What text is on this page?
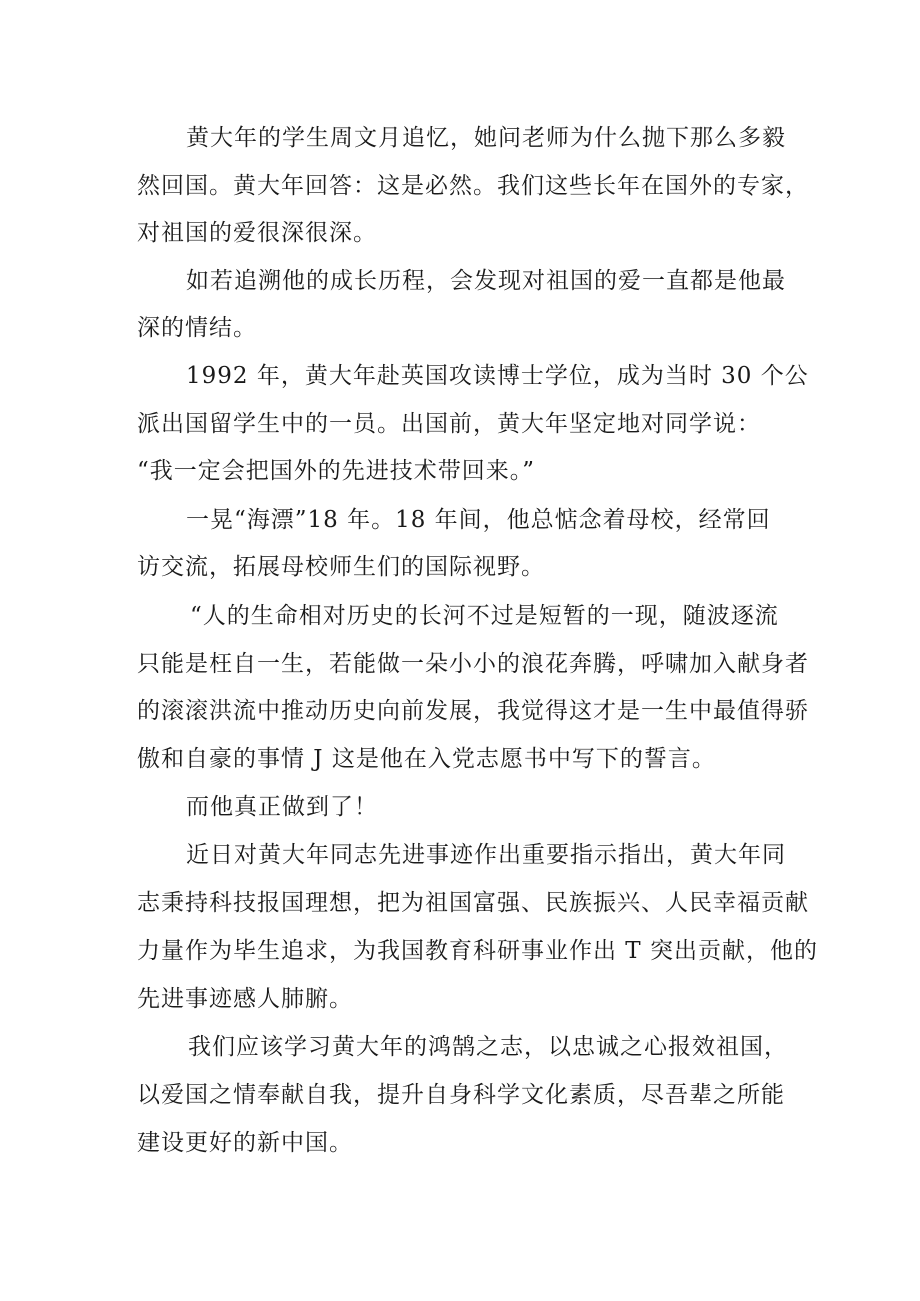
黄大年的学生周文月追忆，她问老师为什么抛下那么多毅
然回国。黄大年回答：这是必然。我们这些长年在国外的专家，
对祖国的爱很深很深。
如若追溯他的成长历程，会发现对祖国的爱一直都是他最
深的情结。
1992 年，黄大年赴英国攻读博士学位，成为当时 30 个公
派出国留学生中的一员。出国前，黄大年坚定地对同学说：
“我一定会把国外的先进技术带回来。”
一晃“海漂”18 年。18 年间，他总惦念着母校，经常回
访交流，拓展母校师生们的国际视野。
“人的生命相对历史的长河不过是短暂的一现，随波逐流
只能是枉自一生，若能做一朵小小的浪花奔腾，呼啸加入献身者
的滚滚洪流中推动历史向前发展，我觉得这才是一生中最值得骄
傲和自豪的事情 J 这是他在入党志愿书中写下的誓言。
而他真正做到了！
近日对黄大年同志先进事迹作出重要指示指出，黄大年同
志秉持科技报国理想，把为祖国富强、民族振兴、人民幸福贡献
力量作为毕生追求，为我国教育科研事业作出 T 突出贡献，他的
先进事迹感人肺腑。
我们应该学习黄大年的鸿鹄之志，以忠诚之心报效祖国，
以爱国之情奉献自我，提升自身科学文化素质，尽吾辈之所能
建设更好的新中国。
